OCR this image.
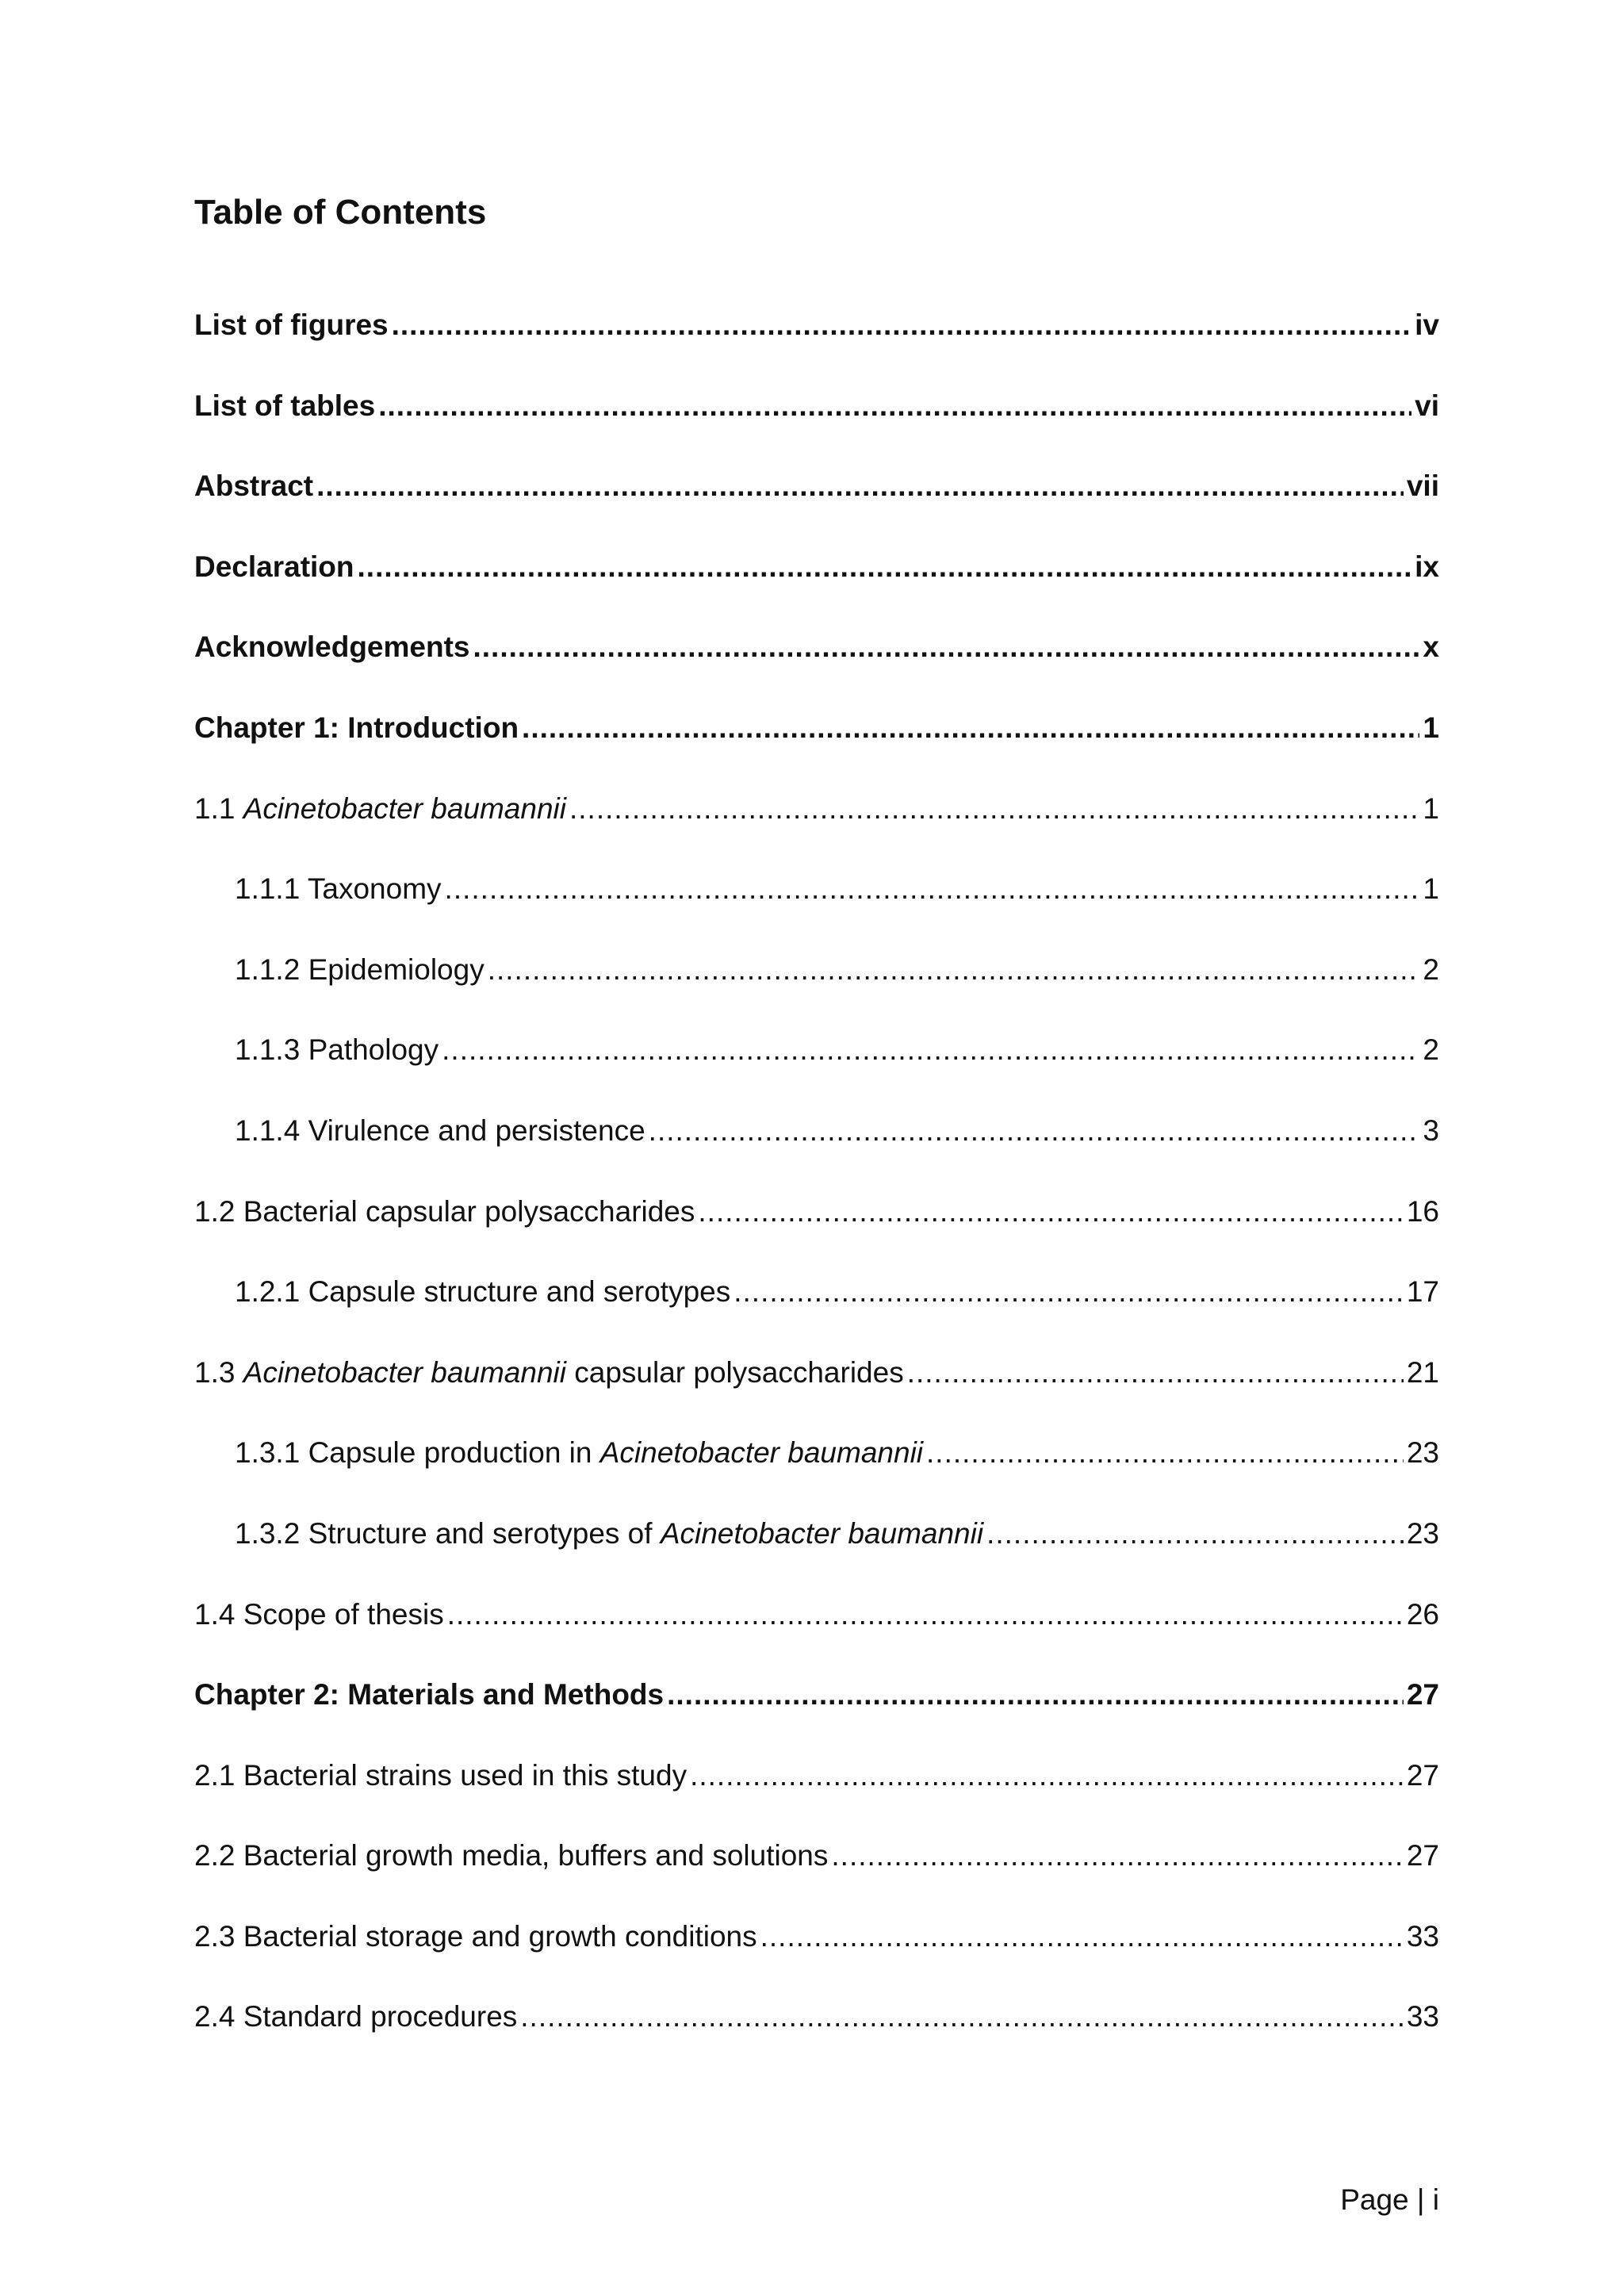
Table of Contents
List of figures .....	iv
List of tables .....	vi
Abstract .....	vii
Declaration .....	ix
Acknowledgements .....	x
Chapter 1: Introduction .....	1
1.1 Acinetobacter baumannii .....	1
1.1.1 Taxonomy .....	1
1.1.2 Epidemiology .....	2
1.1.3 Pathology .....	2
1.1.4 Virulence and persistence .....	3
1.2 Bacterial capsular polysaccharides .....	16
1.2.1 Capsule structure and serotypes .....	17
1.3 Acinetobacter baumannii capsular polysaccharides .....	21
1.3.1 Capsule production in Acinetobacter baumannii .....	23
1.3.2 Structure and serotypes of Acinetobacter baumannii .....	23
1.4 Scope of thesis .....	26
Chapter 2: Materials and Methods .....	27
2.1 Bacterial strains used in this study .....	27
2.2 Bacterial growth media, buffers and solutions .....	27
2.3 Bacterial storage and growth conditions .....	33
2.4 Standard procedures .....	33
Page | i
